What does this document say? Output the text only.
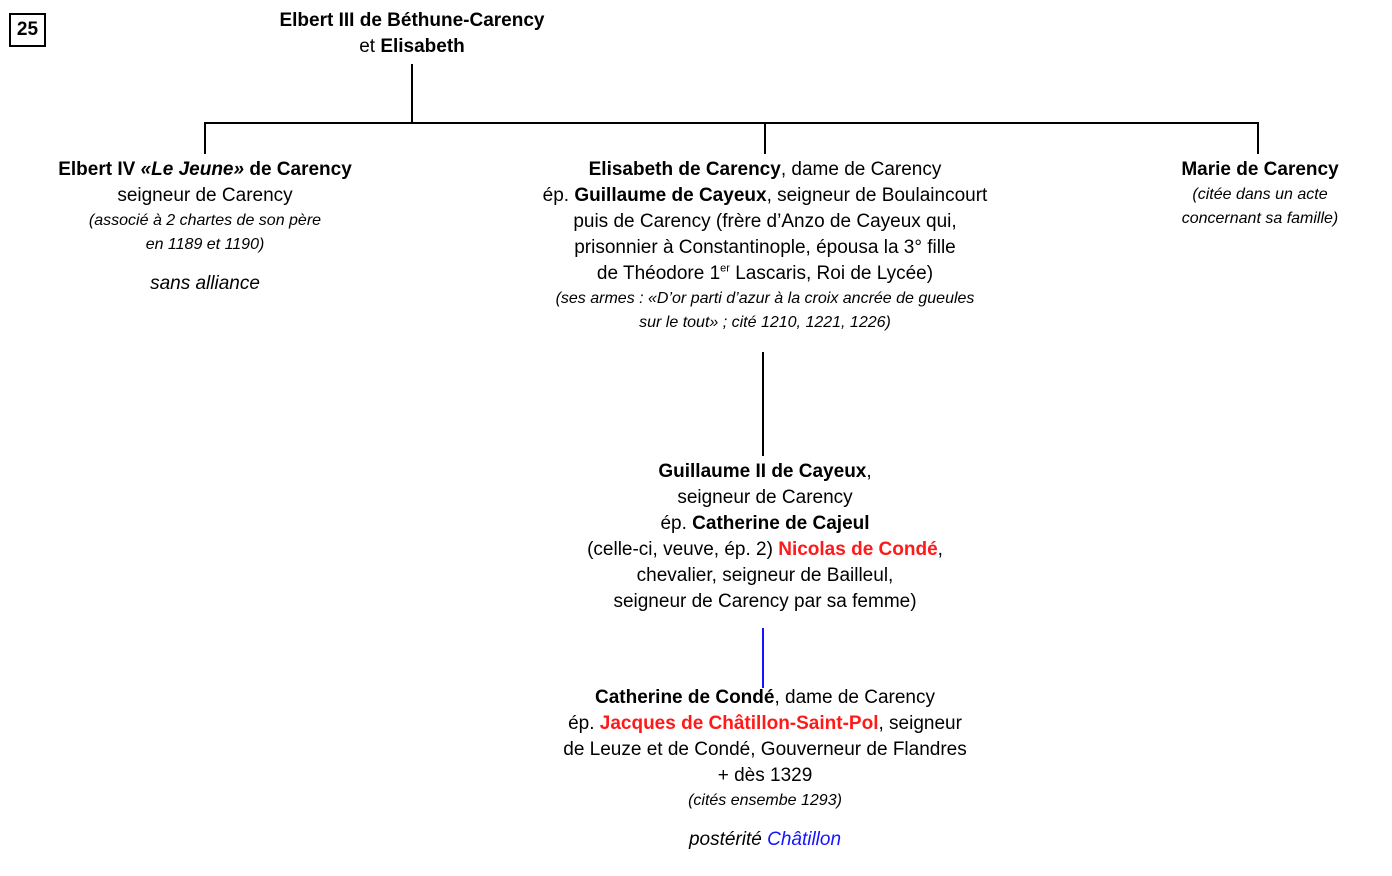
25	Elbert III de Béthune-Carency
et Elisabeth
Elbert IV «Le Jeune» de Carency
seigneur de Carency
(associé à 2 chartes de son père
en 1189 et 1190)
sans alliance
Elisabeth de Carency, dame de Carency
ép. Guillaume de Cayeux, seigneur de Boulaincourt
puis de Carency (frère d’Anzo de Cayeux qui,
prisonnier à Constantinople, épousa la 3° fille
de Théodore 1er Lascaris, Roi de Lycée)
(ses armes : «D’or parti d’azur à la croix ancrée de gueules
sur le tout» ; cité 1210, 1221, 1226)
Marie de Carency
(citée dans un acte
concernant sa famille)
Guillaume II de Cayeux,
seigneur de Carency
ép. Catherine de Cajeul
(celle-ci, veuve, ép. 2) Nicolas de Condé,
chevalier, seigneur de Bailleul,
seigneur de Carency par sa femme)
Catherine de Condé, dame de Carency
ép. Jacques de Châtillon-Saint-Pol, seigneur
de Leuze et de Condé, Gouverneur de Flandres
+ dès 1329
(cités ensembe 1293)
postérité Châtillon
